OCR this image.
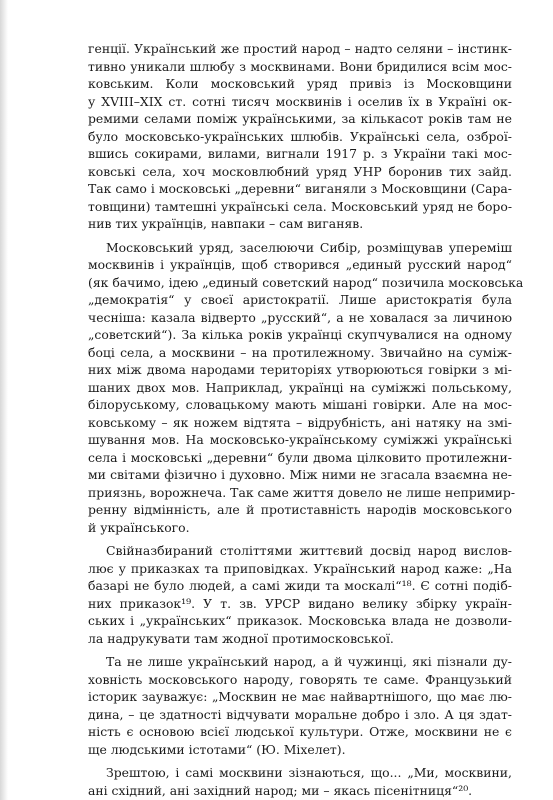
генції. Український же простий народ – надто селяни – інстинк-
тивно уникали шлюбу з москвинами. Вони бридилися всім мос-
ковським. Коли московський уряд привіз із Московщини
у XVIII–XIX ст. сотні тисяч москвинів і оселив їх в Україні ок-
ремими селами поміж українськими, за кількасот років там не
було московсько-українських шлюбів. Українські села, озброї-
вшись сокирами, вилами, вигнали 1917 р. з України такі мос-
ковські села, хоч московлюбний уряд УНР боронив тих зайд.
Так само і московські „деревни“ виганяли з Московщини (Сара-
товщини) тамтешні українські села. Московський уряд не боро-
нив тих українців, навпаки – сам виганяв.
Московський уряд, заселюючи Сибір, розміщував упереміш
москвинів і українців, щоб створився „единый русский народ“
(як бачимо, ідею „единый советский народ“ позичила московська
„демократія“ у своєї аристократії. Лише аристократія була
чесніша: казала відверто „русский“, а не ховалася за личиною
„советский“). За кілька років українці скупчувалися на одному
боці села, а москвини – на протилежному. Звичайно на суміж-
них між двома народами територіях утворюються говірки з мі-
шаних двох мов. Наприклад, українці на суміжжі польському,
білоруському, словацькому мають мішані говірки. Але на мос-
ковському – як ножем відтята – відрубність, ані натяку на змі-
шування мов. На московсько-українському суміжжі українські
села і московські „деревни“ були двома цілковито протилежни-
ми світами фізично і духовно. Між ними не згасала взаємна не-
приязнь, ворожнеча. Так саме життя довело не лише непримир-
ренну відмінність, але й протиставність народів московського
й українського.
Свійназбираний століттями життєвий досвід народ вислов-
лює у приказках та приповідках. Український народ каже: „На
базарі не було людей, а самі жиди та москалі“¹⁸. Є сотні подіб-
них приказок¹⁹. У т. зв. УРСР видано велику збірку україн-
ських і „українських“ приказок. Московська влада не дозволи-
ла надрукувати там жодної протимосковської.
Та не лише український народ, а й чужинці, які пізнали ду-
ховність московського народу, говорять те саме. Французький
історик зауважує: „Москвин не має найвартнішого, що має лю-
дина, – це здатності відчувати моральне добро і зло. А ця здат-
ність є основою всієї людської культури. Отже, москвини не є
ще людськими істотами“ (Ю. Міхелет).
Зрештою, і самі москвини зізнаються, що... „Ми, москвини,
ані східний, ані західний народ; ми – якась пісенітниця“²⁰.
